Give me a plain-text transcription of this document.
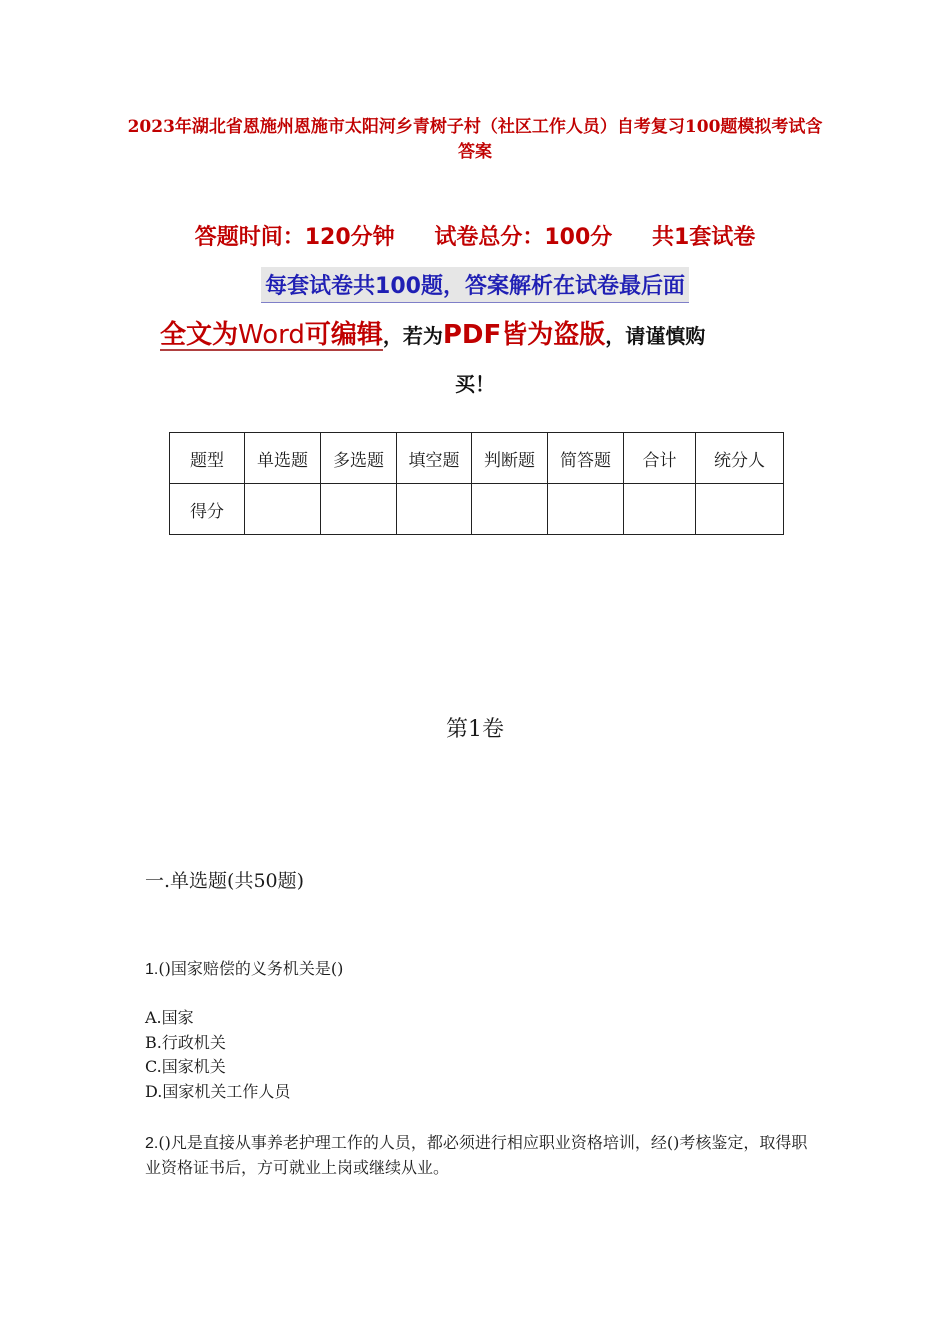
2023年湖北省恩施州恩施市太阳河乡青树子村（社区工作人员）自考复习100题模拟考试含答案
答题时间：120分钟 试卷总分：100分 共1套试卷
每套试卷共100题，答案解析在试卷最后面
全文为Word可编辑，若为PDF皆为盗版，请谨慎购
买！
题型	单选题	多选题	填空题	判断题	简答题	合计	统分人
得分							
第1卷
一.单选题(共50题)
1.()国家赔偿的义务机关是()
A.国家
B.行政机关
C.国家机关
D.国家机关工作人员
2.()凡是直接从事养老护理工作的人员，都必须进行相应职业资格培训，经()考核鉴定，取得职业资格证书后，方可就业上岗或继续从业。
